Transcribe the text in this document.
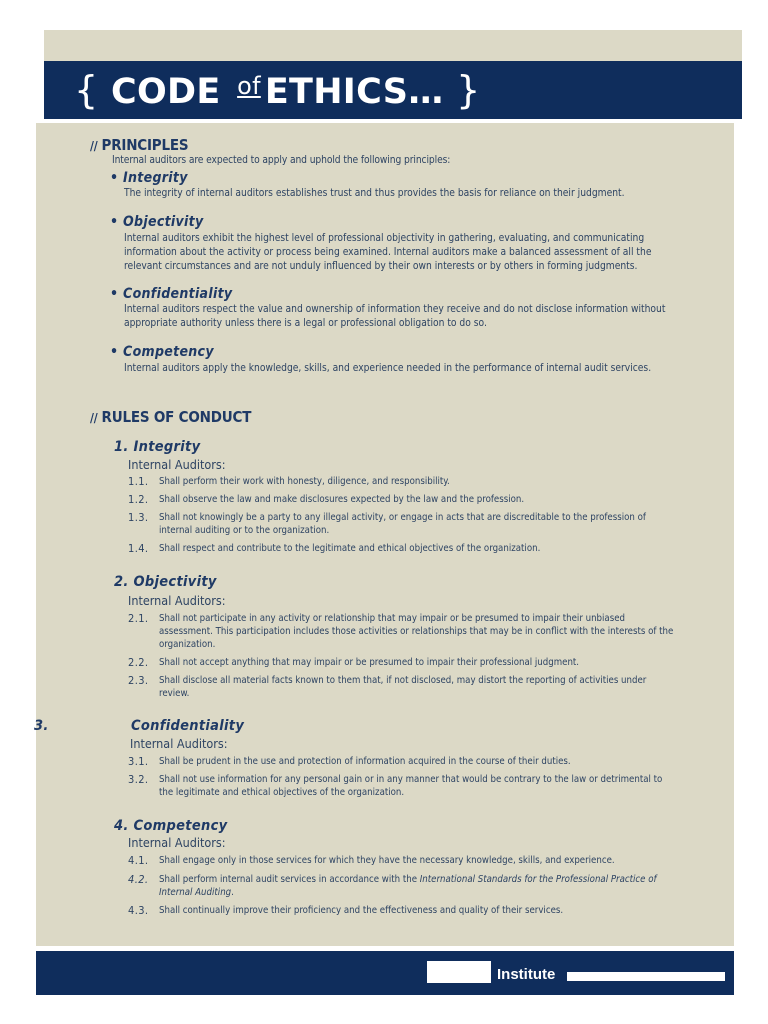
{ CODE $^{of}$ ETHICS… }
// PRINCIPLES
Internal auditors are expected to apply and uphold the following principles:
• Integrity
The integrity of internal auditors establishes trust and thus provides the basis for reliance on their judgment.
• Objectivity
Internal auditors exhibit the highest level of professional objectivity in gathering, evaluating, and communicating information about the activity or process being examined. Internal auditors make a balanced assessment of all the relevant circumstances and are not unduly influenced by their own interests or by others in forming judgments.
• Confidentiality
Internal auditors respect the value and ownership of information they receive and do not disclose information without appropriate authority unless there is a legal or professional obligation to do so.
• Competency
Internal auditors apply the knowledge, skills, and experience needed in the performance of internal audit services.
// RULES OF CONDUCT
1. Integrity
Internal Auditors:
1.1.	Shall perform their work with honesty, diligence, and responsibility.
1.2.	Shall observe the law and make disclosures expected by the law and the profession.
1.3.	Shall not knowingly be a party to any illegal activity, or engage in acts that are discreditable to the profession of internal auditing or to the organization.
1.4.	Shall respect and contribute to the legitimate and ethical objectives of the organization.
2. Objectivity
Internal Auditors:
2.1.	Shall not participate in any activity or relationship that may impair or be presumed to impair their unbiased assessment. This participation includes those activities or relationships that may be in conflict with the interests of the organization.
2.2.	Shall not accept anything that may impair or be presumed to impair their professional judgment.
2.3.	Shall disclose all material facts known to them that, if not disclosed, may distort the reporting of activities under review.
3.	Confidentiality
Internal Auditors:
3.1.	Shall be prudent in the use and protection of information acquired in the course of their duties.
3.2.	Shall not use information for any personal gain or in any manner that would be contrary to the law or detrimental to the legitimate and ethical objectives of the organization.
4. Competency
Internal Auditors:
4.1.	Shall engage only in those services for which they have the necessary knowledge, skills, and experience.
4.2.	Shall perform internal audit services in accordance with the International Standards for the Professional Practice of Internal Auditing.
4.3.	Shall continually improve their proficiency and the effectiveness and quality of their services.
Institute
